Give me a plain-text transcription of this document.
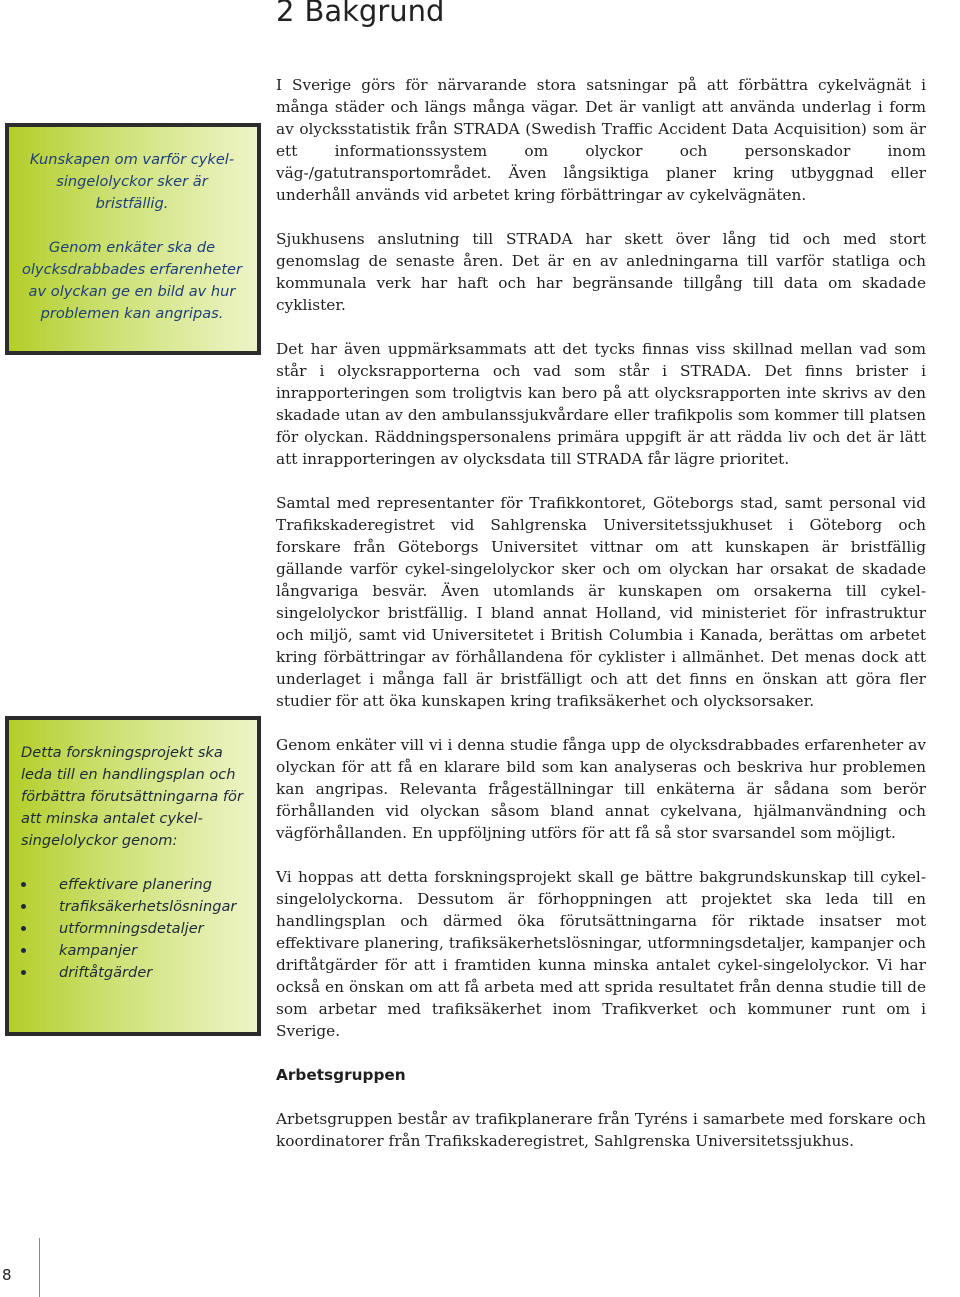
2 Bakgrund

Kunskapen om varför cykel-singelolyckor sker är bristfällig.

Genom enkäter ska de olycksdrabbades erfarenheter av olyckan ge en bild av hur problemen kan angripas.

Detta forskningsprojekt ska leda till en handlingsplan och förbättra förutsättningarna för att minska antalet cykel-singelolyckor genom:

effektivare planering
trafiksäkerhetslösningar
utformningsdetaljer
kampanjer
driftåtgärder

I Sverige görs för närvarande stora satsningar på att förbättra cykelvägnät i många städer och längs många vägar. Det är vanligt att använda underlag i form av olycksstatistik från STRADA (Swedish Traffic Accident Data Acquisition) som är ett informationssystem om olyckor och personskador inom väg-/gatutransportområdet. Även långsiktiga planer kring utbyggnad eller underhåll används vid arbetet kring förbättringar av cykelvägnäten.

Sjukhusens anslutning till STRADA har skett över lång tid och med stort genomslag de senaste åren. Det är en av anledningarna till varför statliga och kommunala verk har haft och har begränsande tillgång till data om skadade cyklister.

Det har även uppmärksammats att det tycks finnas viss skillnad mellan vad som står i olycksrapporterna och vad som står i STRADA. Det finns brister i inrapporteringen som troligtvis kan bero på att olycksrapporten inte skrivs av den skadade utan av den ambulanssjukvårdare eller trafikpolis som kommer till platsen för olyckan. Räddningspersonalens primära uppgift är att rädda liv och det är lätt att inrapporteringen av olycksdata till STRADA får lägre prioritet.

Samtal med representanter för Trafikkontoret, Göteborgs stad, samt personal vid Trafikskaderegistret vid Sahlgrenska Universitetssjukhuset i Göteborg och forskare från Göteborgs Universitet vittnar om att kunskapen är bristfällig gällande varför cykel-singelolyckor sker och om olyckan har orsakat de skadade långvariga besvär. Även utomlands är kunskapen om orsakerna till cykel-singelolyckor bristfällig. I bland annat Holland, vid ministeriet för infrastruktur och miljö, samt vid Universitetet i British Columbia i Kanada, berättas om arbetet kring förbättringar av förhållandena för cyklister i allmänhet. Det menas dock att underlaget i många fall är bristfälligt och att det finns en önskan att göra fler studier för att öka kunskapen kring trafiksäkerhet och olycksorsaker.

Genom enkäter vill vi i denna studie fånga upp de olycksdrabbades erfarenheter av olyckan för att få en klarare bild som kan analyseras och beskriva hur problemen kan angripas. Relevanta frågeställningar till enkäterna är sådana som berör förhållanden vid olyckan såsom bland annat cykelvana, hjälmanvändning och vägförhållanden. En uppföljning utförs för att få så stor svarsandel som möjligt.

Vi hoppas att detta forskningsprojekt skall ge bättre bakgrundskunskap till cykel-singelolyckorna. Dessutom är förhoppningen att projektet ska leda till en handlingsplan och därmed öka förutsättningarna för riktade insatser mot effektivare planering, trafiksäkerhetslösningar, utformningsdetaljer, kampanjer och driftåtgärder för att i framtiden kunna minska antalet cykel-singelolyckor. Vi har också en önskan om att få arbeta med att sprida resultatet från denna studie till de som arbetar med trafiksäkerhet inom Trafikverket och kommuner runt om i Sverige.

Arbetsgruppen

Arbetsgruppen består av trafikplanerare från Tyréns i samarbete med forskare och koordinatorer från Trafikskaderegistret, Sahlgrenska Universitetssjukhus.

8
